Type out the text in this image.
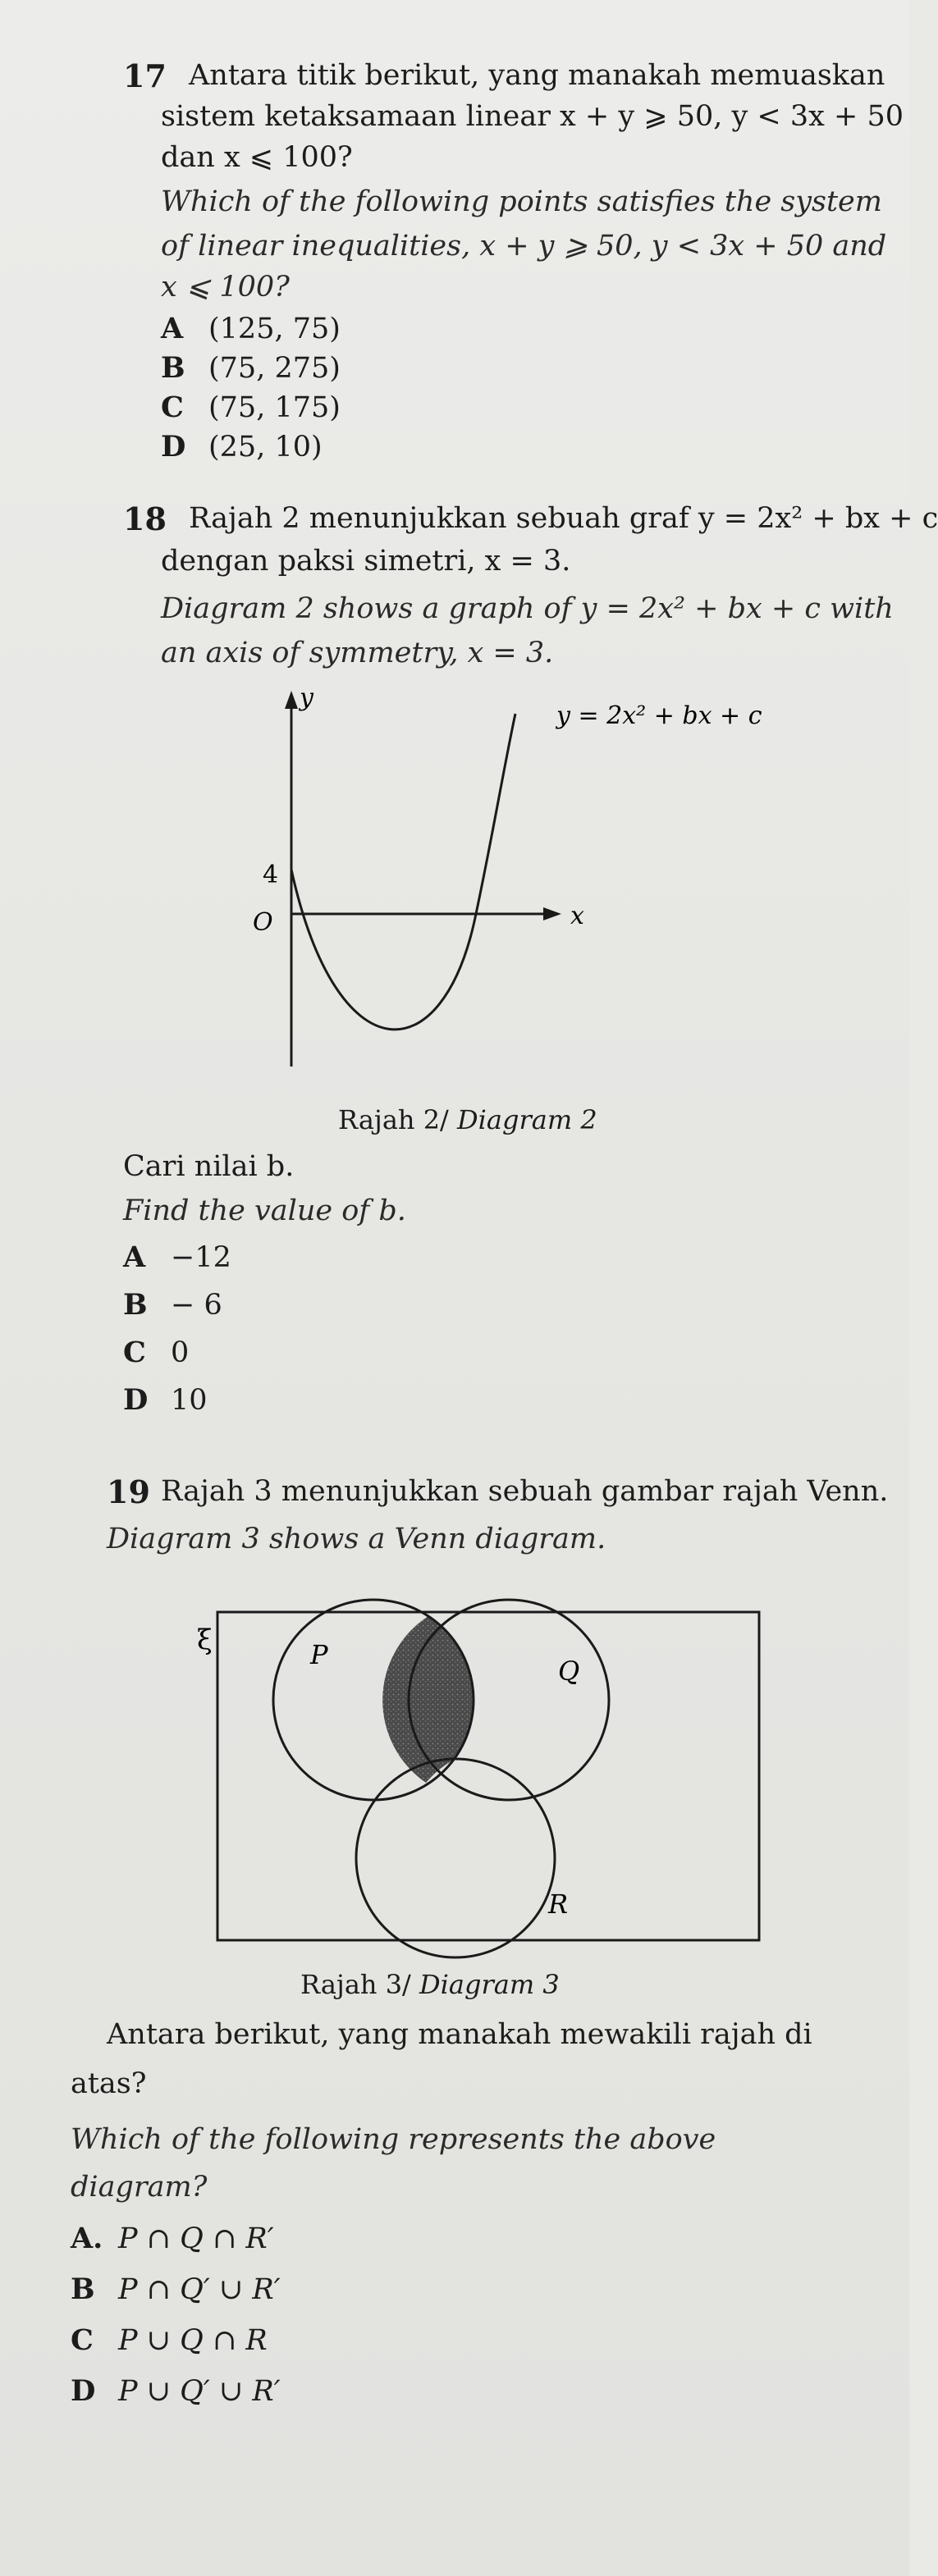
17 Antara titik berikut, yang manakah memuaskan
sistem ketaksamaan linear x + y ⩾ 50, y < 3x + 50
dan x ⩽ 100?
Which of the following points satisfies the system
of linear inequalities, x + y ⩾ 50, y < 3x + 50 and
x ⩽ 100?
A (125, 75)
B (75, 275)
C (75, 175)
D (25, 10)
18 Rajah 2 menunjukkan sebuah graf y = 2x² + bx + c
dengan paksi simetri, x = 3.
Diagram 2 shows a graph of y = 2x² + bx + c with
an axis of symmetry, x = 3.
y
x
4
O
y = 2x² + bx + c
Rajah 2/ Diagram 2
Cari nilai b.
Find the value of b.
A −12
B − 6
C 0
D 10
19 Rajah 3 menunjukkan sebuah gambar rajah Venn.
Diagram 3 shows a Venn diagram.
ξ	P
Q
R
Rajah 3/ Diagram 3
Antara berikut, yang manakah mewakili rajah di
atas?
Which of the following represents the above
diagram?
A. P ∩ Q ∩ R′
B P ∩ Q′ ∪ R′
C P ∪ Q ∩ R
D P ∪ Q′ ∪ R′
